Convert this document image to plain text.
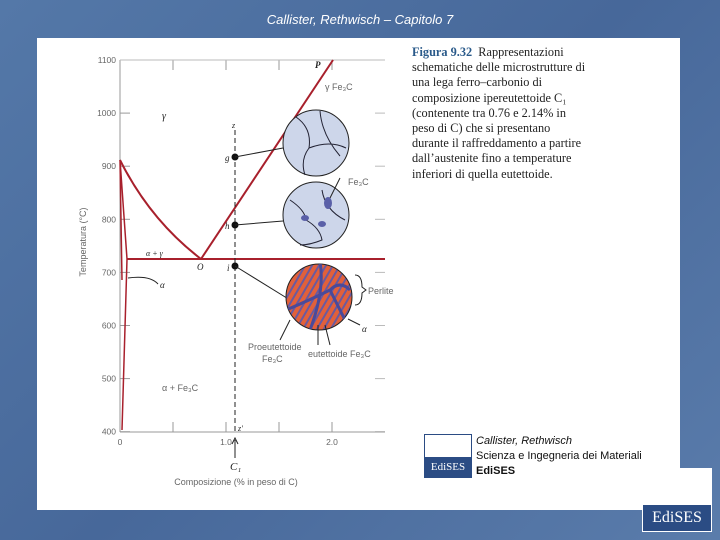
Callister, Rethwisch – Capitolo 7
1100
1000
900
800
700
600
500
400
0	1.0	2.0
Temperatura (°C)
Composizione (% in peso di C)
γ
γ Fe₃C
P
z
g
h
i
O
α + γ
α
α + Fe₃C
z′
Fe₃C
Perlite
Proeutettoide
Fe₃C	eutettoide Fe₃C
α
C₁
Figura 9.32 Rappresentazioni schematiche delle microstrutture di una lega ferro–carbonio di composizione ipereutettoide C₁ (contenente tra 0.76 e 2.14% in peso di C) che si presentano durante il raffreddamento a partire dall’austenite fino a temperature inferiori di quella eutettoide.
EdiSES
Callister, Rethwisch
Scienza e Ingegneria dei Materiali
EdiSES
EdiSES
